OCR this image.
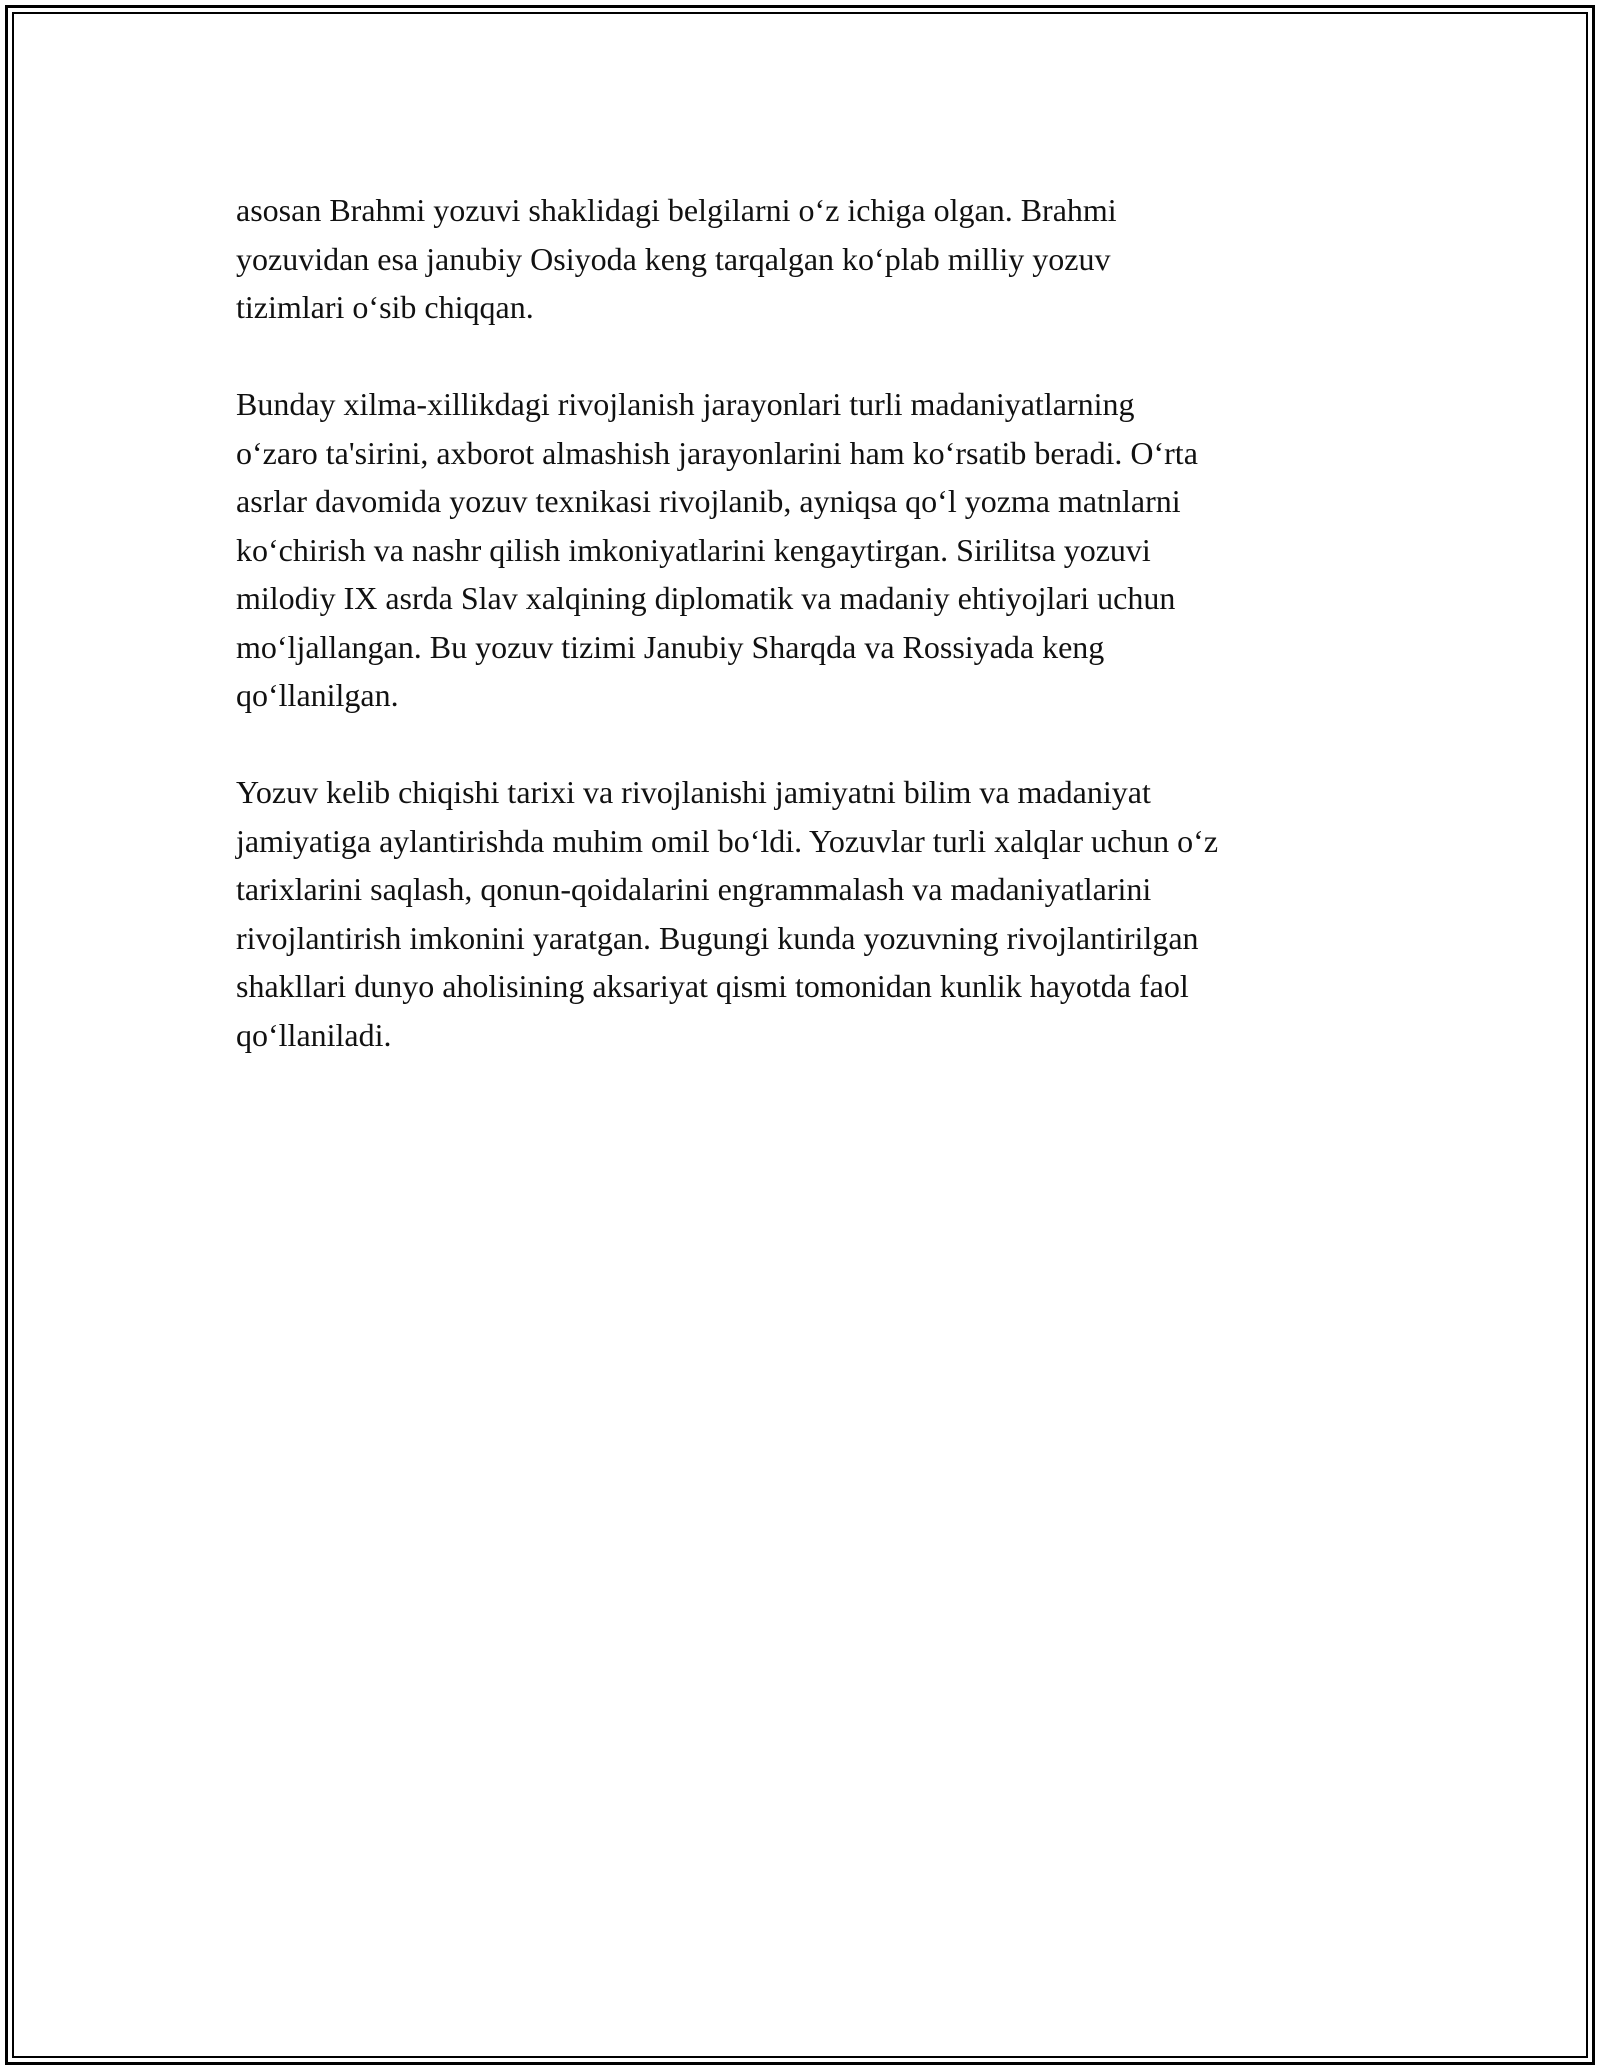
asosan Brahmi yozuvi shaklidagi belgilarni o‘z ichiga olgan. Brahmi
yozuvidan esa janubiy Osiyoda keng tarqalgan ko‘plab milliy yozuv
tizimlari o‘sib chiqqan.

Bunday xilma-xillikdagi rivojlanish jarayonlari turli madaniyatlarning
o‘zaro ta'sirini, axborot almashish jarayonlarini ham ko‘rsatib beradi. O‘rta
asrlar davomida yozuv texnikasi rivojlanib, ayniqsa qo‘l yozma matnlarni
ko‘chirish va nashr qilish imkoniyatlarini kengaytirgan. Sirilitsa yozuvi
milodiy IX asrda Slav xalqining diplomatik va madaniy ehtiyojlari uchun
mo‘ljallangan. Bu yozuv tizimi Janubiy Sharqda va Rossiyada keng
qo‘llanilgan.

Yozuv kelib chiqishi tarixi va rivojlanishi jamiyatni bilim va madaniyat
jamiyatiga aylantirishda muhim omil bo‘ldi. Yozuvlar turli xalqlar uchun o‘z
tarixlarini saqlash, qonun-qoidalarini engrammalash va madaniyatlarini
rivojlantirish imkonini yaratgan. Bugungi kunda yozuvning rivojlantirilgan
shakllari dunyo aholisining aksariyat qismi tomonidan kunlik hayotda faol
qo‘llaniladi.
